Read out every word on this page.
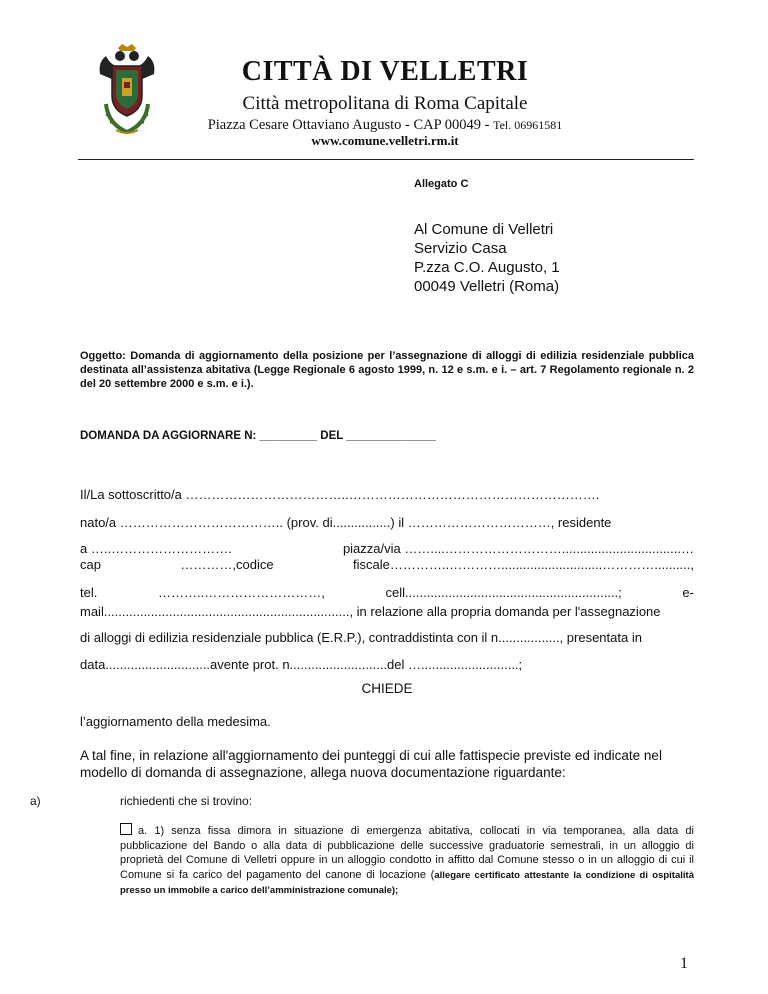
CITTÀ DI VELLETRI
Città metropolitana di Roma Capitale
Piazza Cesare Ottaviano Augusto - CAP 00049 - Tel. 06961581
www.comune.velletri.rm.it
Allegato C
Al Comune di Velletri
Servizio Casa
P.zza C.O. Augusto, 1
00049 Velletri (Roma)
Oggetto: Domanda di aggiornamento della posizione per l’assegnazione di alloggi di edilizia residenziale pubblica destinata all’assistenza abitativa (Legge Regionale 6 agosto 1999, n. 12 e s.m. e i. – art. 7 Regolamento regionale n. 2 del 20 settembre 2000 e s.m. e i.).
DOMANDA DA AGGIORNARE N: _________ DEL ______________
Il/La sottoscritto/a ………………………………..………………………………………………….
nato/a ……………………………….. (prov. di................) il ……………………………, residente
a …..……………………….	piazza/via ……....……………………….................................…
cap	…………,codice	fiscale…………..…………............................…………..........,
tel.	………..………………………,	cell...........................................................;	e-
mail...................................................................., in relazione alla propria domanda per l'assegnazione
di alloggi di edilizia residenziale pubblica (E.R.P.), contraddistinta con il n................., presentata in
data.............................avente prot. n...........................del …...........................;
CHIEDE
l’aggiornamento della medesima.
A tal fine, in relazione all'aggiornamento dei punteggi di cui alle fattispecie previste ed indicate nel modello di domanda di assegnazione, allega nuova documentazione riguardante:
a)	richiedenti che si trovino:
a. 1) senza fissa dimora in situazione di emergenza abitativa, collocati in via temporanea, alla data di pubblicazione del Bando o alla data di pubblicazione delle successive graduatorie semestrali, in un alloggio di proprietà del Comune di Velletri oppure in un alloggio condotto in affitto dal Comune stesso o in un alloggio di cui il Comune si fa carico del pagamento del canone di locazione (allegare certificato attestante la condizione di ospitalità presso un immobile a carico dell’amministrazione comunale);
1
